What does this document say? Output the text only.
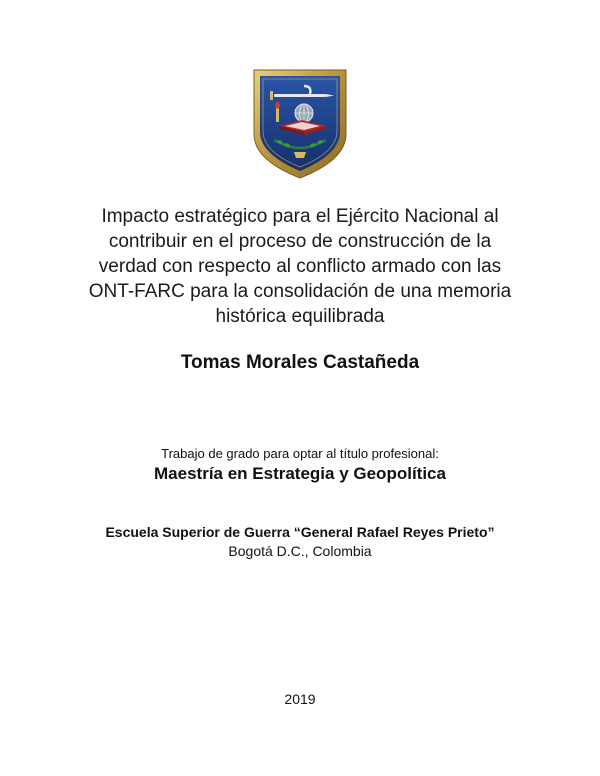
Impacto estratégico para el Ejército Nacional al
contribuir en el proceso de construcción de la
verdad con respecto al conflicto armado con las
ONT-FARC para la consolidación de una memoria
histórica equilibrada
Tomas Morales Castañeda
Trabajo de grado para optar al título profesional:
Maestría en Estrategia y Geopolítica
Escuela Superior de Guerra “General Rafael Reyes Prieto”
Bogotá D.C., Colombia
2019
